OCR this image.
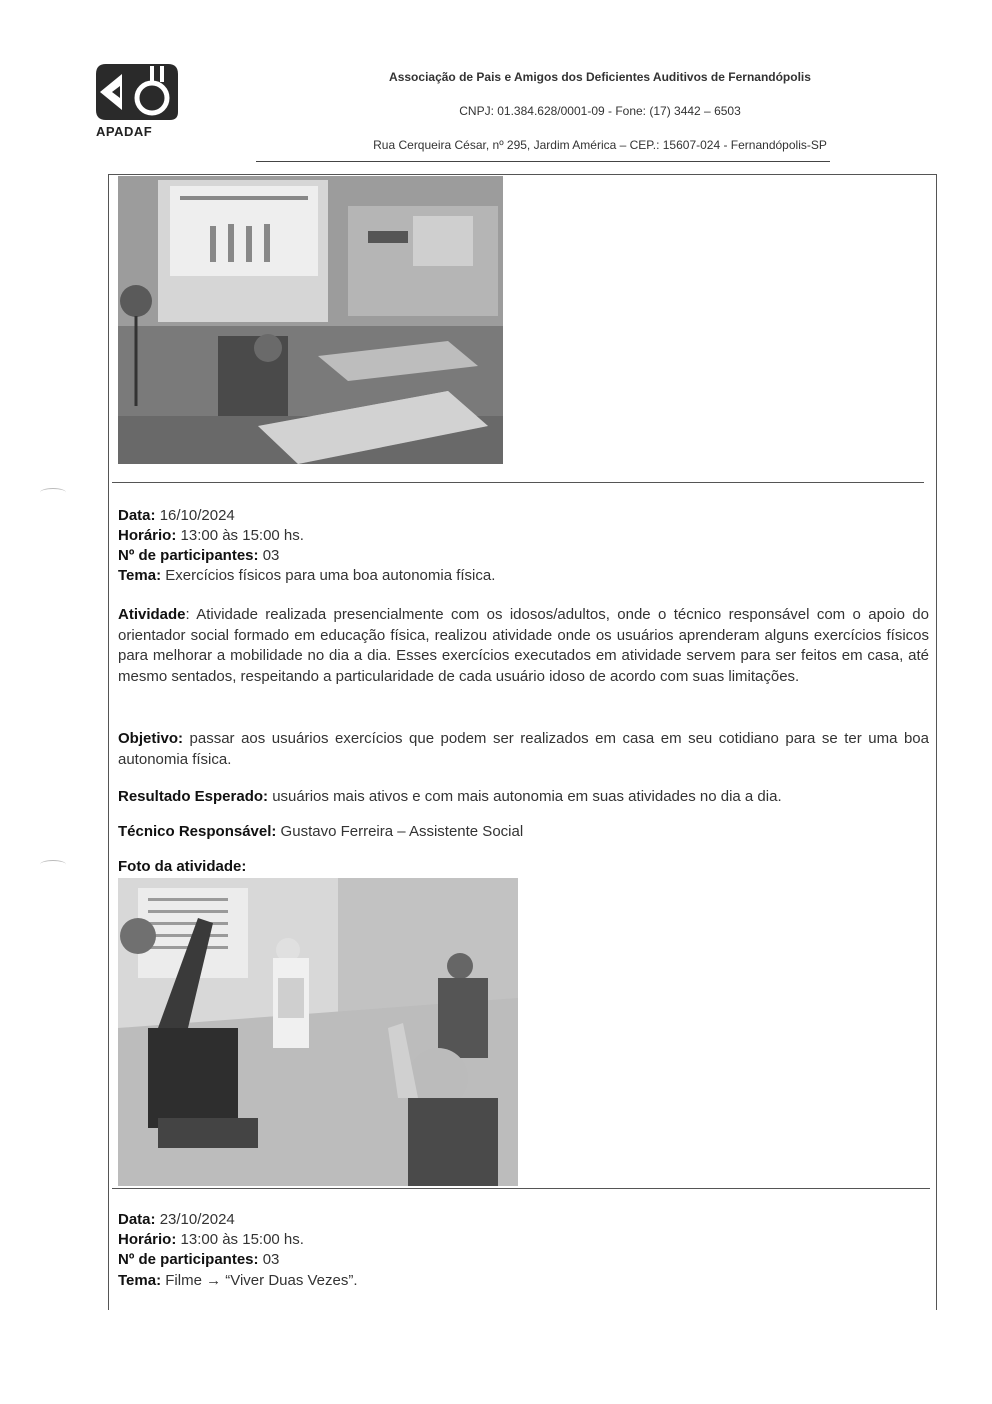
APADAF
Associação de Pais e Amigos dos Deficientes Auditivos de Fernandópolis
CNPJ: 01.384.628/0001-09 - Fone: (17) 3442 – 6503
Rua Cerqueira César, nº 295, Jardim América – CEP.: 15607-024 - Fernandópolis-SP
Data: 16/10/2024
Horário: 13:00 às 15:00 hs.
Nº de participantes: 03
Tema: Exercícios físicos para uma boa autonomia física.
Atividade: Atividade realizada presencialmente com os idosos/adultos, onde o técnico responsável com o apoio do orientador social formado em educação física, realizou atividade onde os usuários aprenderam alguns exercícios físicos para melhorar a mobilidade no dia a dia. Esses exercícios executados em atividade servem para ser feitos em casa, até mesmo sentados, respeitando a particularidade de cada usuário idoso de acordo com suas limitações.
Objetivo: passar aos usuários exercícios que podem ser realizados em casa em seu cotidiano para se ter uma boa autonomia física.
Resultado Esperado: usuários mais ativos e com mais autonomia em suas atividades no dia a dia.
Técnico Responsável: Gustavo Ferreira – Assistente Social
Foto da atividade:
Data: 23/10/2024
Horário: 13:00 às 15:00 hs.
Nº de participantes: 03
Tema: Filme → “Viver Duas Vezes”.
